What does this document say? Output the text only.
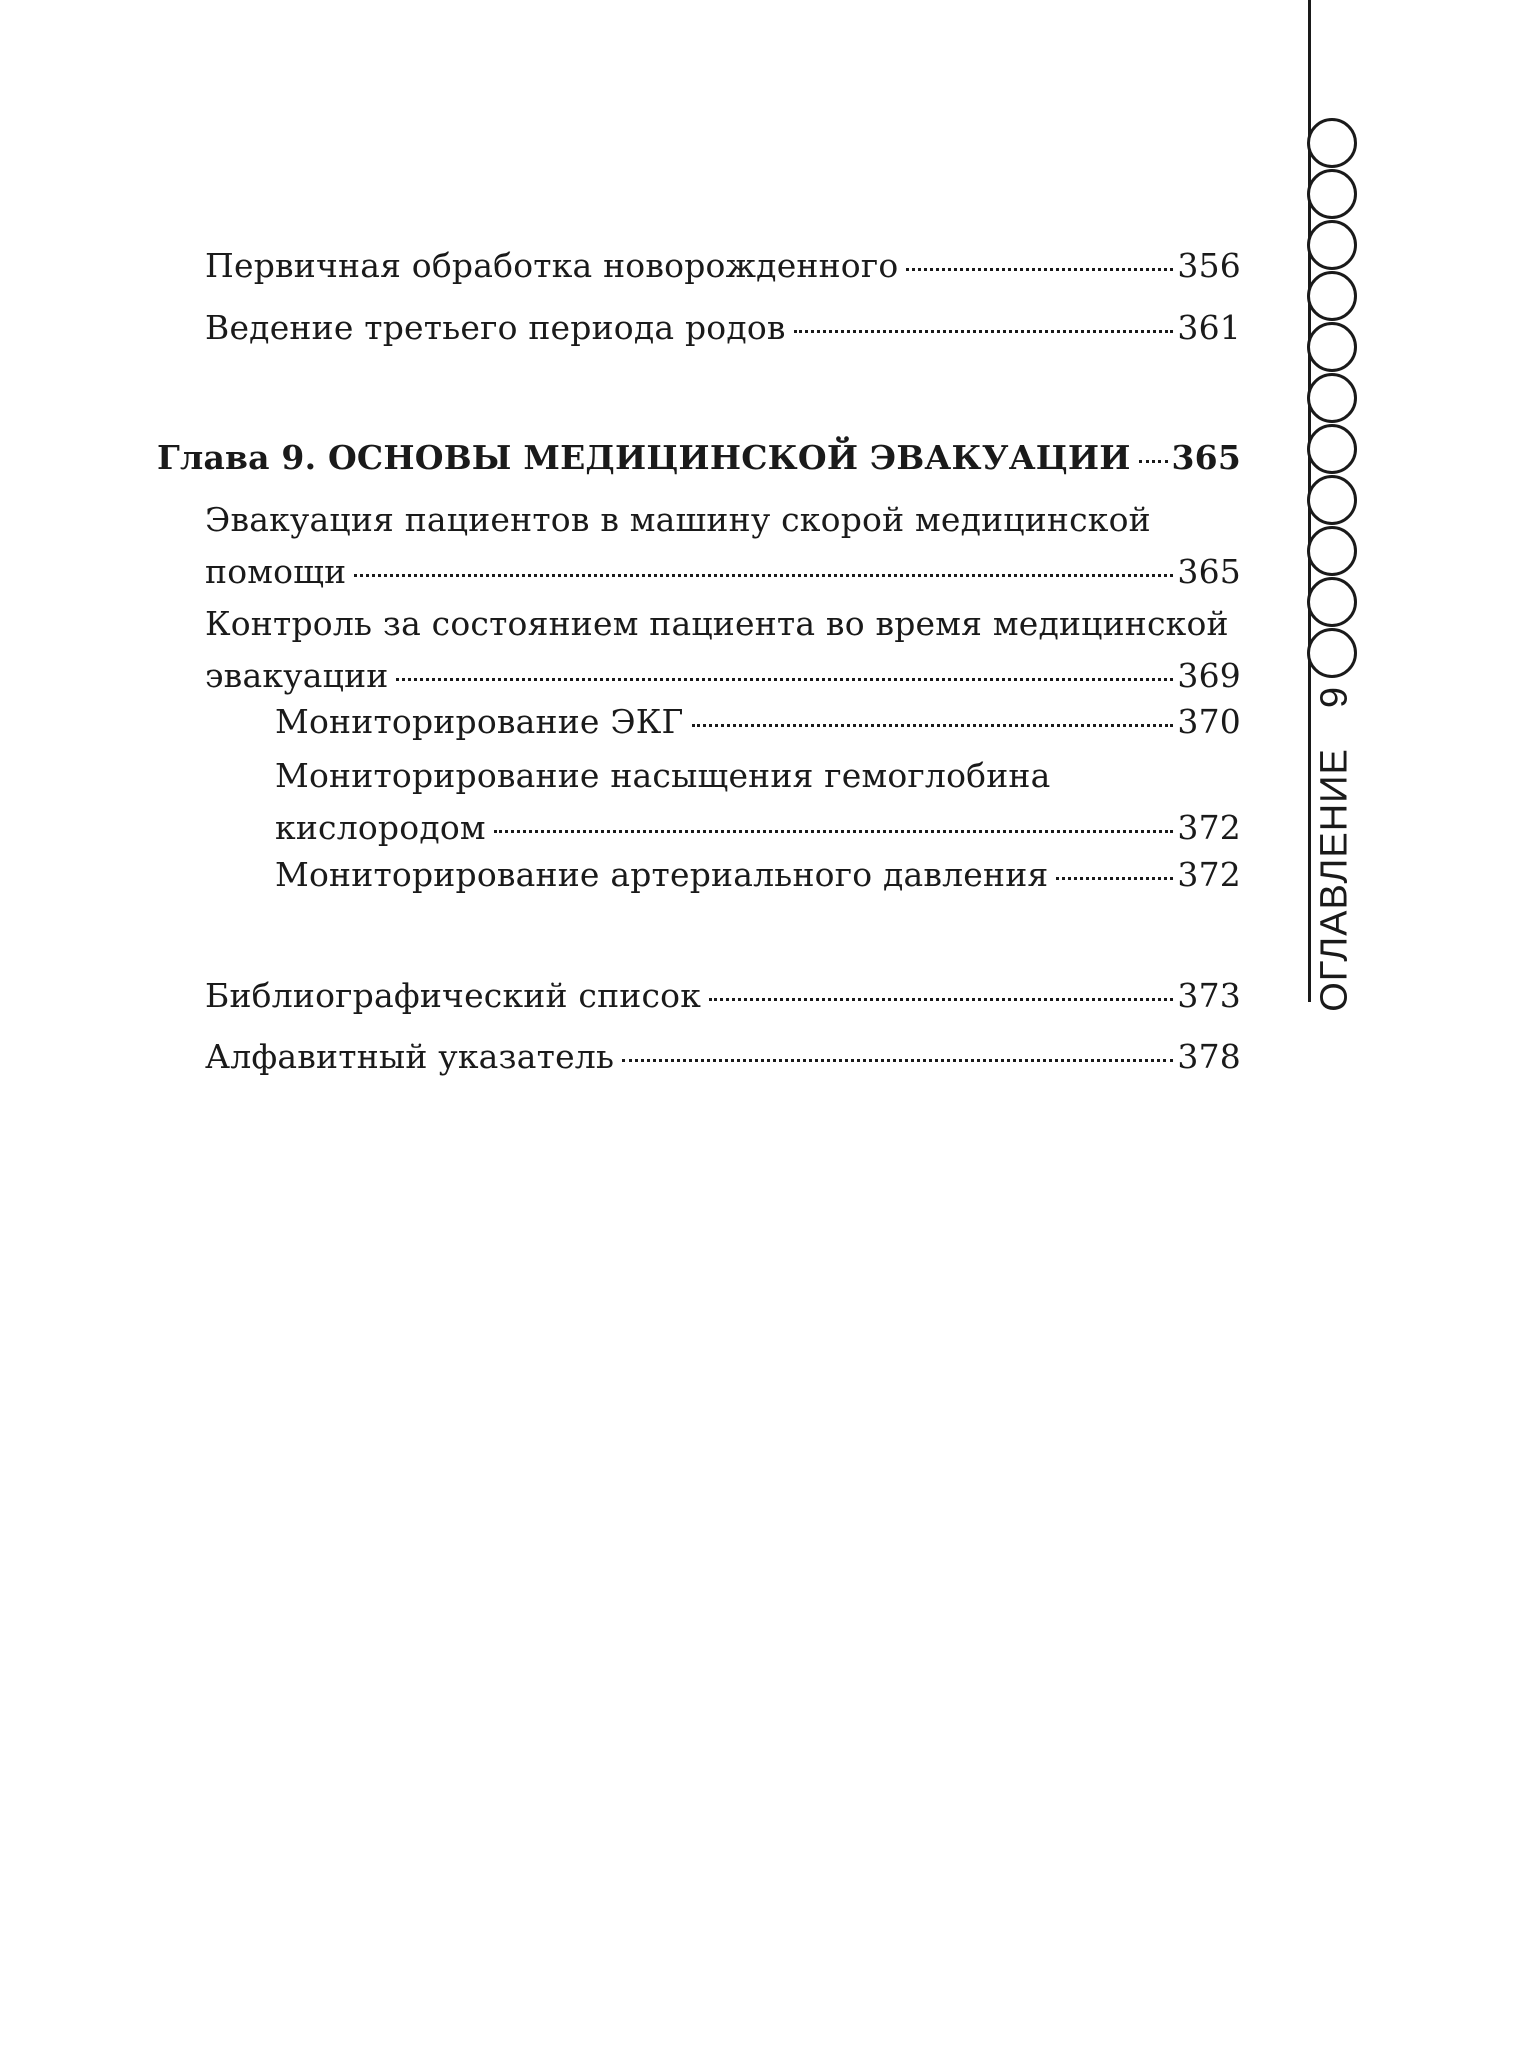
Первичная обработка новорожденного	356
Ведение третьего периода родов	361
Глава 9. ОСНОВЫ МЕДИЦИНСКОЙ ЭВАКУАЦИИ 365
Эвакуация пациентов в машину скорой медицинской
помощи	365
Контроль за состоянием пациента во время медицинской
эвакуации	369
Мониторирование ЭКГ	370
Мониторирование насыщения гемоглобина
кислородом	372
Мониторирование артериального давления	372
Библиографический список	373
Алфавитный указатель	378
9
ОГЛАВЛЕНИЕ
